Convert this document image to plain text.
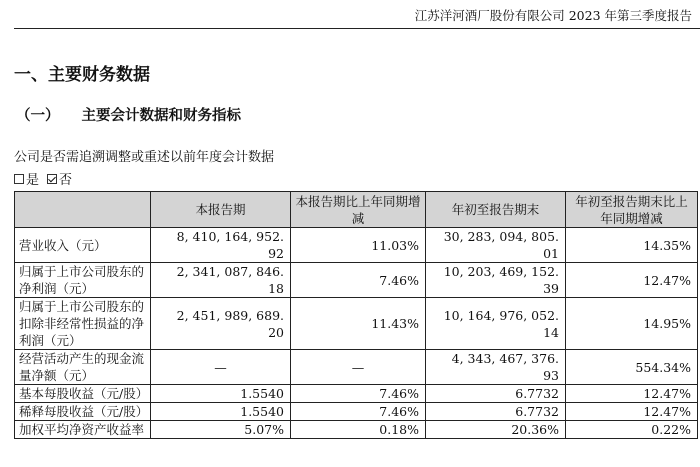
江苏洋河酒厂股份有限公司 2023 年第三季度报告
一、主要财务数据
（一） 主要会计数据和财务指标
公司是否需追溯调整或重述以前年度会计数据
是 否
	本报告期	本报告期比上年同期增减	年初至报告期末	年初至报告期末比上年同期增减
营业收入（元）	8, 410, 164, 952. 92	11.03%	30, 283, 094, 805. 01	14.35%
归属于上市公司股东的净利润（元）	2, 341, 087, 846. 18	7.46%	10, 203, 469, 152. 39	12.47%
归属于上市公司股东的扣除非经常性损益的净利润（元）	2, 451, 989, 689. 20	11.43%	10, 164, 976, 052. 14	14.95%
经营活动产生的现金流量净额（元）	—	—	4, 343, 467, 376. 93	554.34%
基本每股收益（元/股）	1.5540	7.46%	6.7732	12.47%
稀释每股收益（元/股）	1.5540	7.46%	6.7732	12.47%
加权平均净资产收益率	5.07%	0.18%	20.36%	0.22%
